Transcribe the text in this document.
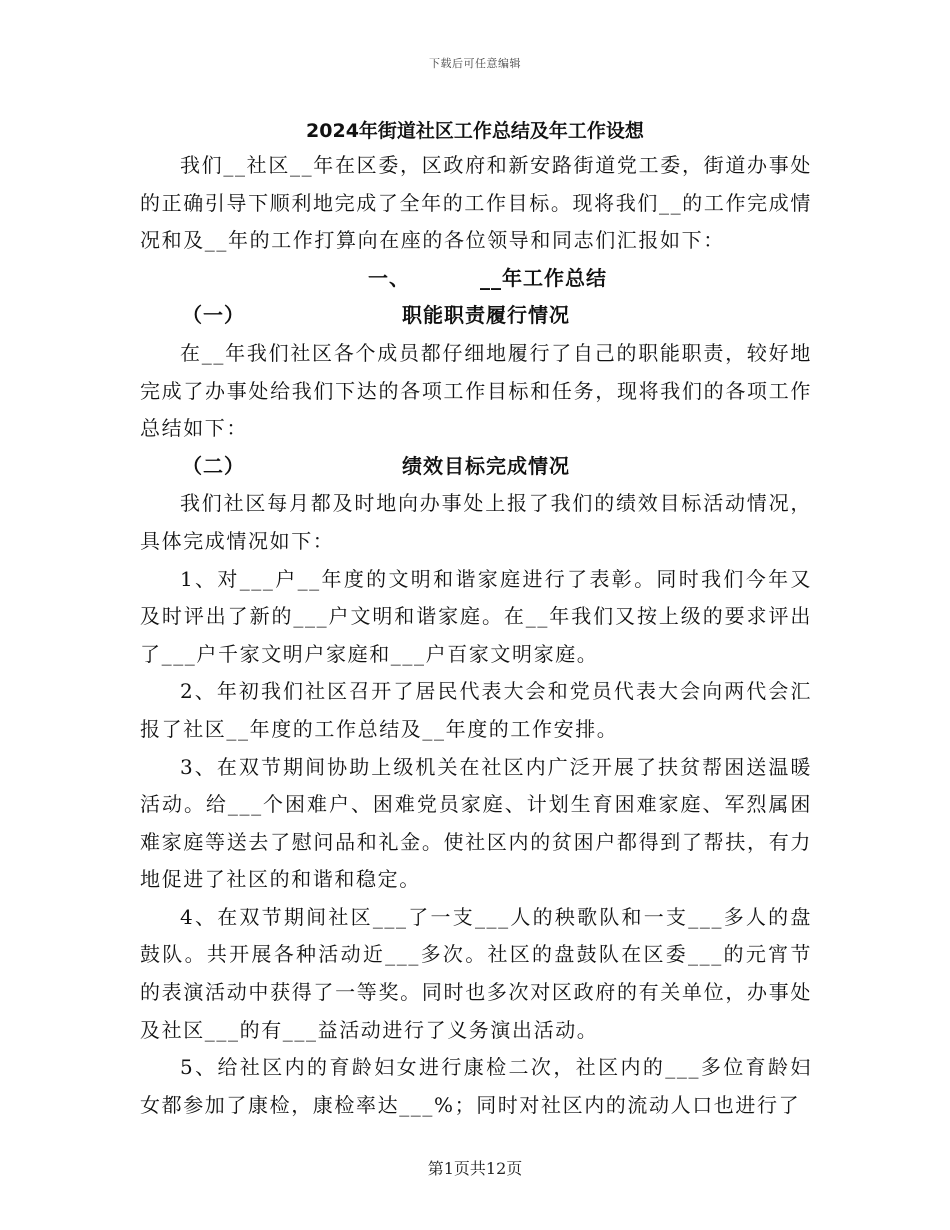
下载后可任意编辑
2024年街道社区工作总结及年工作设想

我们__社区__年在区委，区政府和新安路街道党工委，街道办事处的正确引导下顺利地完成了全年的工作目标。现将我们__的工作完成情况和及__年的工作打算向在座的各位领导和同志们汇报如下：

一、	__年工作总结
（一）	职能职责履行情况

在__年我们社区各个成员都仔细地履行了自己的职能职责，较好地完成了办事处给我们下达的各项工作目标和任务，现将我们的各项工作总结如下：

（二）	绩效目标完成情况

我们社区每月都及时地向办事处上报了我们的绩效目标活动情况，具体完成情况如下：

1、对___户__年度的文明和谐家庭进行了表彰。同时我们今年又及时评出了新的___户文明和谐家庭。在__年我们又按上级的要求评出了___户千家文明户家庭和___户百家文明家庭。

2、年初我们社区召开了居民代表大会和党员代表大会向两代会汇报了社区__年度的工作总结及__年度的工作安排。

3、在双节期间协助上级机关在社区内广泛开展了扶贫帮困送温暖活动。给___个困难户、困难党员家庭、计划生育困难家庭、军烈属困难家庭等送去了慰问品和礼金。使社区内的贫困户都得到了帮扶，有力地促进了社区的和谐和稳定。

4、在双节期间社区___了一支___人的秧歌队和一支___多人的盘鼓队。共开展各种活动近___多次。社区的盘鼓队在区委___的元宵节的表演活动中获得了一等奖。同时也多次对区政府的有关单位，办事处及社区___的有___益活动进行了义务演出活动。

5、给社区内的育龄妇女进行康检二次，社区内的___多位育龄妇女都参加了康检，康检率达___%；同时对社区内的流动人口也进行了

第1页共12页
